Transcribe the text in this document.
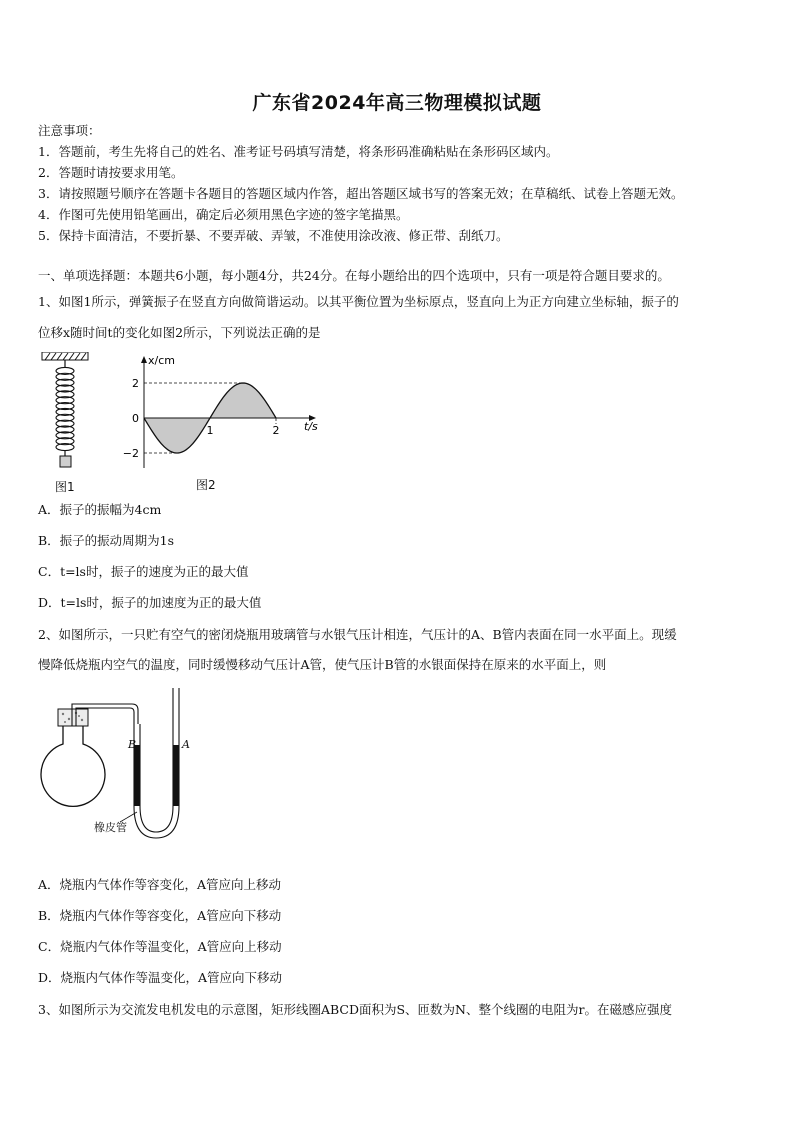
广东省2024年高三物理模拟试题
注意事项：
1．答题前，考生先将自己的姓名、准考证号码填写清楚，将条形码准确粘贴在条形码区域内。
2．答题时请按要求用笔。
3．请按照题号顺序在答题卡各题目的答题区域内作答，超出答题区域书写的答案无效；在草稿纸、试卷上答题无效。
4．作图可先使用铅笔画出，确定后必须用黑色字迹的签字笔描黑。
5．保持卡面清洁，不要折暴、不要弄破、弄皱，不准使用涂改液、修正带、刮纸刀。
一、单项选择题：本题共6小题，每小题4分，共24分。在每小题给出的四个选项中，只有一项是符合题目要求的。
1、如图1所示，弹簧振子在竖直方向做简谐运动。以其平衡位置为坐标原点，竖直向上为正方向建立坐标轴，振子的
位移x随时间t的变化如图2所示，下列说法正确的是
图1
x/cm
t/s
2
0
−2
1	2
图2
A．振子的振幅为4cm
B．振子的振动周期为1s
C．t=ls时，振子的速度为正的最大值
D．t=ls时，振子的加速度为正的最大值
2、如图所示，一只贮有空气的密闭烧瓶用玻璃管与水银气压计相连，气压计的A、B管内表面在同一水平面上。现缓
慢降低烧瓶内空气的温度，同时缓慢移动气压计A管，使气压计B管的水银面保持在原来的水平面上，则
B	A
橡皮管
A．烧瓶内气体作等容变化，A管应向上移动
B．烧瓶内气体作等容变化，A管应向下移动
C．烧瓶内气体作等温变化，A管应向上移动
D．烧瓶内气体作等温变化，A管应向下移动
3、如图所示为交流发电机发电的示意图，矩形线圈ABCD面积为S、匝数为N、整个线圈的电阻为r。在磁感应强度
